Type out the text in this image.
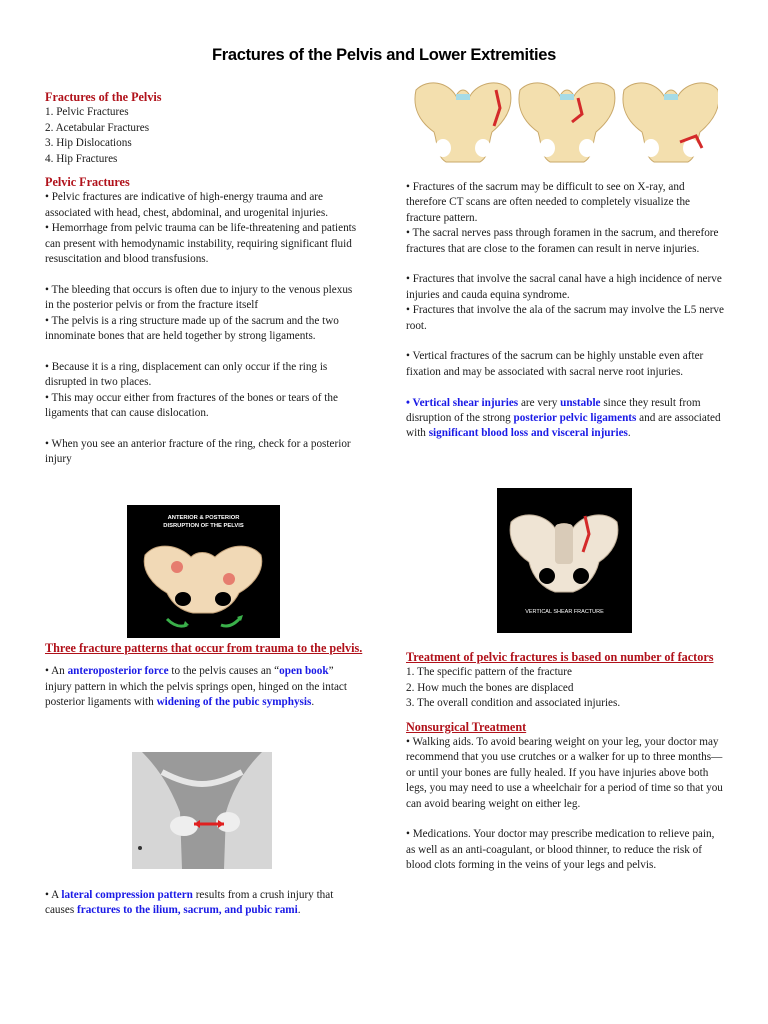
Fractures of the Pelvis and Lower Extremities

Fractures of the Pelvis

1. Pelvic Fractures

2. Acetabular Fractures

3. Hip Dislocations

4. Hip Fractures

Pelvic Fractures

• Pelvic fractures are indicative of high-energy trauma and are associated with head, chest, abdominal, and urogenital injuries.

• Hemorrhage from pelvic trauma can be life-threatening and patients can present with hemodynamic instability, requiring significant fluid resuscitation and blood transfusions.

• The bleeding that occurs is often due to injury to the venous plexus in the posterior pelvis or from the fracture itself

• The pelvis is a ring structure made up of the sacrum and the two innominate bones that are held together by strong ligaments.

• Because it is a ring, displacement can only occur if the ring is disrupted in two places.

• This may occur either from fractures of the bones or tears of the ligaments that can cause dislocation.

• When you see an anterior fracture of the ring, check for a posterior injury

ANTERIOR & POSTERIOR
DISRUPTION OF THE PELVIS

Three fracture patterns that occur from trauma to the pelvis.

• An anteroposterior force to the pelvis causes an “open book” injury pattern in which the pelvis springs open, hinged on the intact posterior ligaments with widening of the pubic symphysis.

• A lateral compression pattern results from a crush injury that causes fractures to the ilium, sacrum, and pubic rami.

• Fractures of the sacrum may be difficult to see on X-ray, and therefore CT scans are often needed to completely visualize the fracture pattern.

• The sacral nerves pass through foramen in the sacrum, and therefore fractures that are close to the foramen can result in nerve injuries.

• Fractures that involve the sacral canal have a high incidence of nerve injuries and cauda equina syndrome.

• Fractures that involve the ala of the sacrum may involve the L5 nerve root.

• Vertical fractures of the sacrum can be highly unstable even after fixation and may be associated with sacral nerve root injuries.

• Vertical shear injuries are very unstable since they result from disruption of the strong posterior pelvic ligaments and are associated with significant blood loss and visceral injuries.

VERTICAL SHEAR FRACTURE

Treatment of pelvic fractures is based on number of factors

1. The specific pattern of the fracture

2. How much the bones are displaced

3. The overall condition and associated injuries.

Nonsurgical Treatment

• Walking aids. To avoid bearing weight on your leg, your doctor may recommend that you use crutches or a walker for up to three months—or until your bones are fully healed. If you have injuries above both legs, you may need to use a wheelchair for a period of time so that you can avoid bearing weight on either leg.

• Medications. Your doctor may prescribe medication to relieve pain, as well as an anti-coagulant, or blood thinner, to reduce the risk of blood clots forming in the veins of your legs and pelvis.
